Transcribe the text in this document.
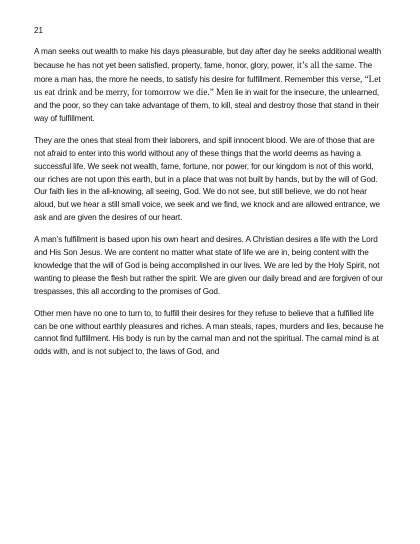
21

A man seeks out wealth to make his days pleasurable, but day after day he seeks additional wealth because he has not yet been satisfied, property, fame, honor, glory, power, it’s all the same. The more a man has, the more he needs, to satisfy his desire for fulfillment. Remember this verse, “Let us eat drink and be merry, for tomorrow we die.” Men lie in wait for the insecure, the unlearned, and the poor, so they can take advantage of them, to kill, steal and destroy those that stand in their way of fulfillment.

They are the ones that steal from their laborers, and spill innocent blood. We are of those that are not afraid to enter into this world without any of these things that the world deems as having a successful life. We seek not wealth, fame, fortune, nor power, for our kingdom is not of this world, our riches are not upon this earth, but in a place that was not built by hands, but by the will of God. Our faith lies in the all-knowing, all seeing, God. We do not see, but still believe, we do not hear aloud, but we hear a still small voice, we seek and we find, we knock and are allowed entrance, we ask and are given the desires of our heart.

A man’s fulfillment is based upon his own heart and desires. A Christian desires a life with the Lord and His Son Jesus. We are content no matter what state of life we are in, being content with the knowledge that the will of God is being accomplished in our lives. We are led by the Holy Spirit, not wanting to please the flesh but rather the spirit. We are given our daily bread and are forgiven of our trespasses, this all according to the promises of God.

Other men have no one to turn to, to fulfill their desires for they refuse to believe that a fulfilled life can be one without earthly pleasures and riches. A man steals, rapes, murders and lies, because he cannot find fulfillment. His body is run by the carnal man and not the spiritual. The carnal mind is at odds with, and is not subject to, the laws of God, and
